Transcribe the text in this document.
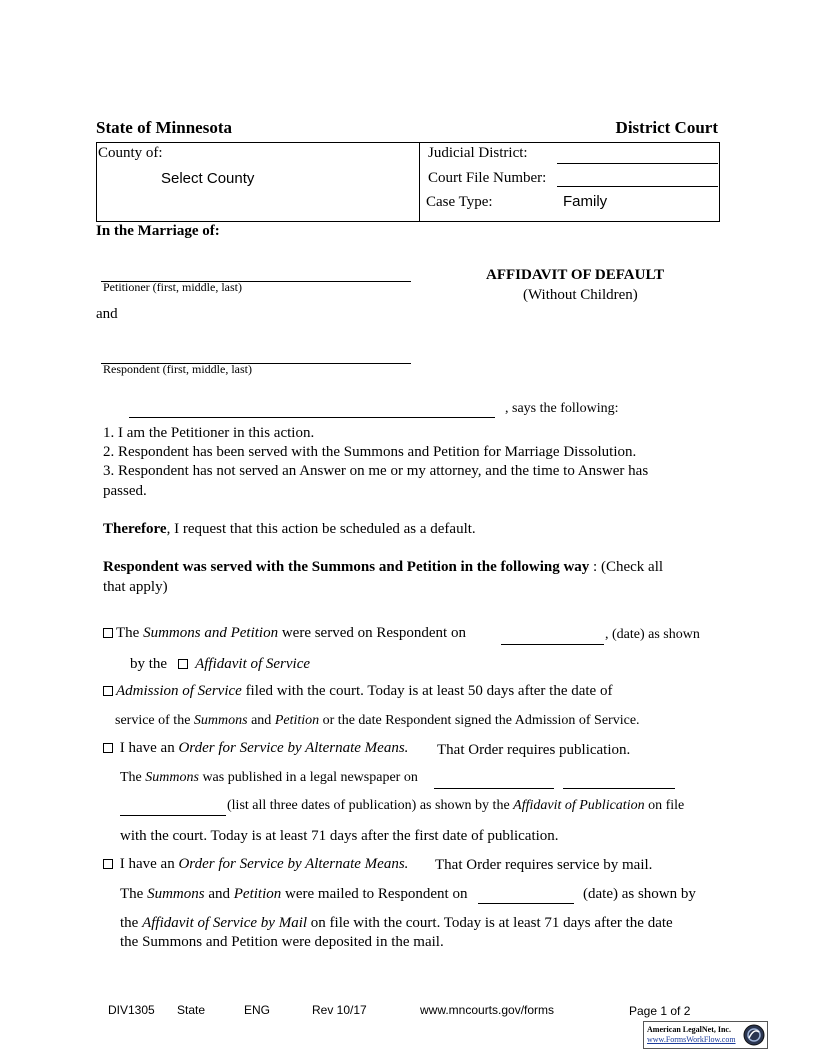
State of Minnesota	District Court
County of:
Select County
Judicial District:
Court File Number:
Case Type:	Family
In the Marriage of:
Petitioner (first, middle, last)
and
Respondent (first, middle, last)
AFFIDAVIT OF DEFAULT
(Without Children)
, says the following:
1. I am the Petitioner in this action.
2. Respondent has been served with the Summons and Petition for Marriage Dissolution.
3. Respondent has not served an Answer on me or my attorney, and the time to Answer has
passed.
Therefore, I request that this action be scheduled as a default.
Respondent was served with the Summons and Petition in the following way : (Check all
that apply)
The Summons and Petition were served on Respondent on	, (date) as shown
by the Affidavit of Service
Admission of Service filed with the court. Today is at least 50 days after the date of
service of the Summons and Petition or the date Respondent signed the Admission of Service.
I have an Order for Service by Alternate Means. That Order requires publication.
The Summons was published in a legal newspaper on
(list all three dates of publication) as shown by the Affidavit of Publication on file
with the court. Today is at least 71 days after the first date of publication.
I have an Order for Service by Alternate Means. That Order requires service by mail.
The Summons and Petition were mailed to Respondent on	(date) as shown by
the Affidavit of Service by Mail on file with the court. Today is at least 71 days after the date
the Summons and Petition were deposited in the mail.
DIV1305 State	ENG	Rev 10/17	www.mncourts.gov/forms	Page 1 of 2
American LegalNet, Inc.
www.FormsWorkFlow.com
